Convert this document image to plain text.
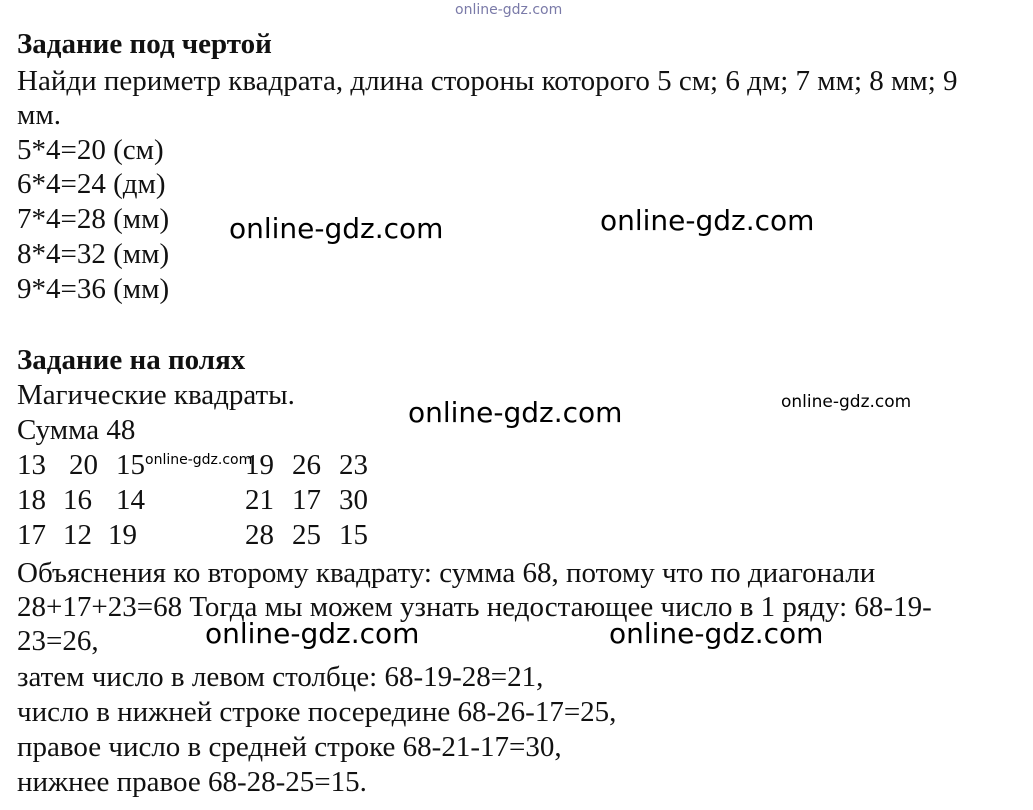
online-gdz.com
Задание под чертой
Найди периметр квадрата, длина стороны которого 5 см; 6 дм; 7 мм; 8 мм; 9
мм.
5*4=20 (см)
6*4=24 (дм)
7*4=28 (мм)
8*4=32 (мм)
9*4=36 (мм)
Задание на полях
Магические квадраты.
Сумма 48
13 20 15
18 16 14
17 12 19
19 26 23
21 17 30
28 25 15
Объяснения ко второму квадрату: сумма 68, потому что по диагонали
28+17+23=68 Тогда мы можем узнать недостающее число в 1 ряду: 68-19-
23=26,
затем число в левом столбце: 68-19-28=21,
число в нижней строке посередине 68-26-17=25,
правое число в средней строке 68-21-17=30,
нижнее правое 68-28-25=15.
online-gdz.com	online-gdz.com
online-gdz.com	online-gdz.com
online-gdz.com
online-gdz.com	online-gdz.com
